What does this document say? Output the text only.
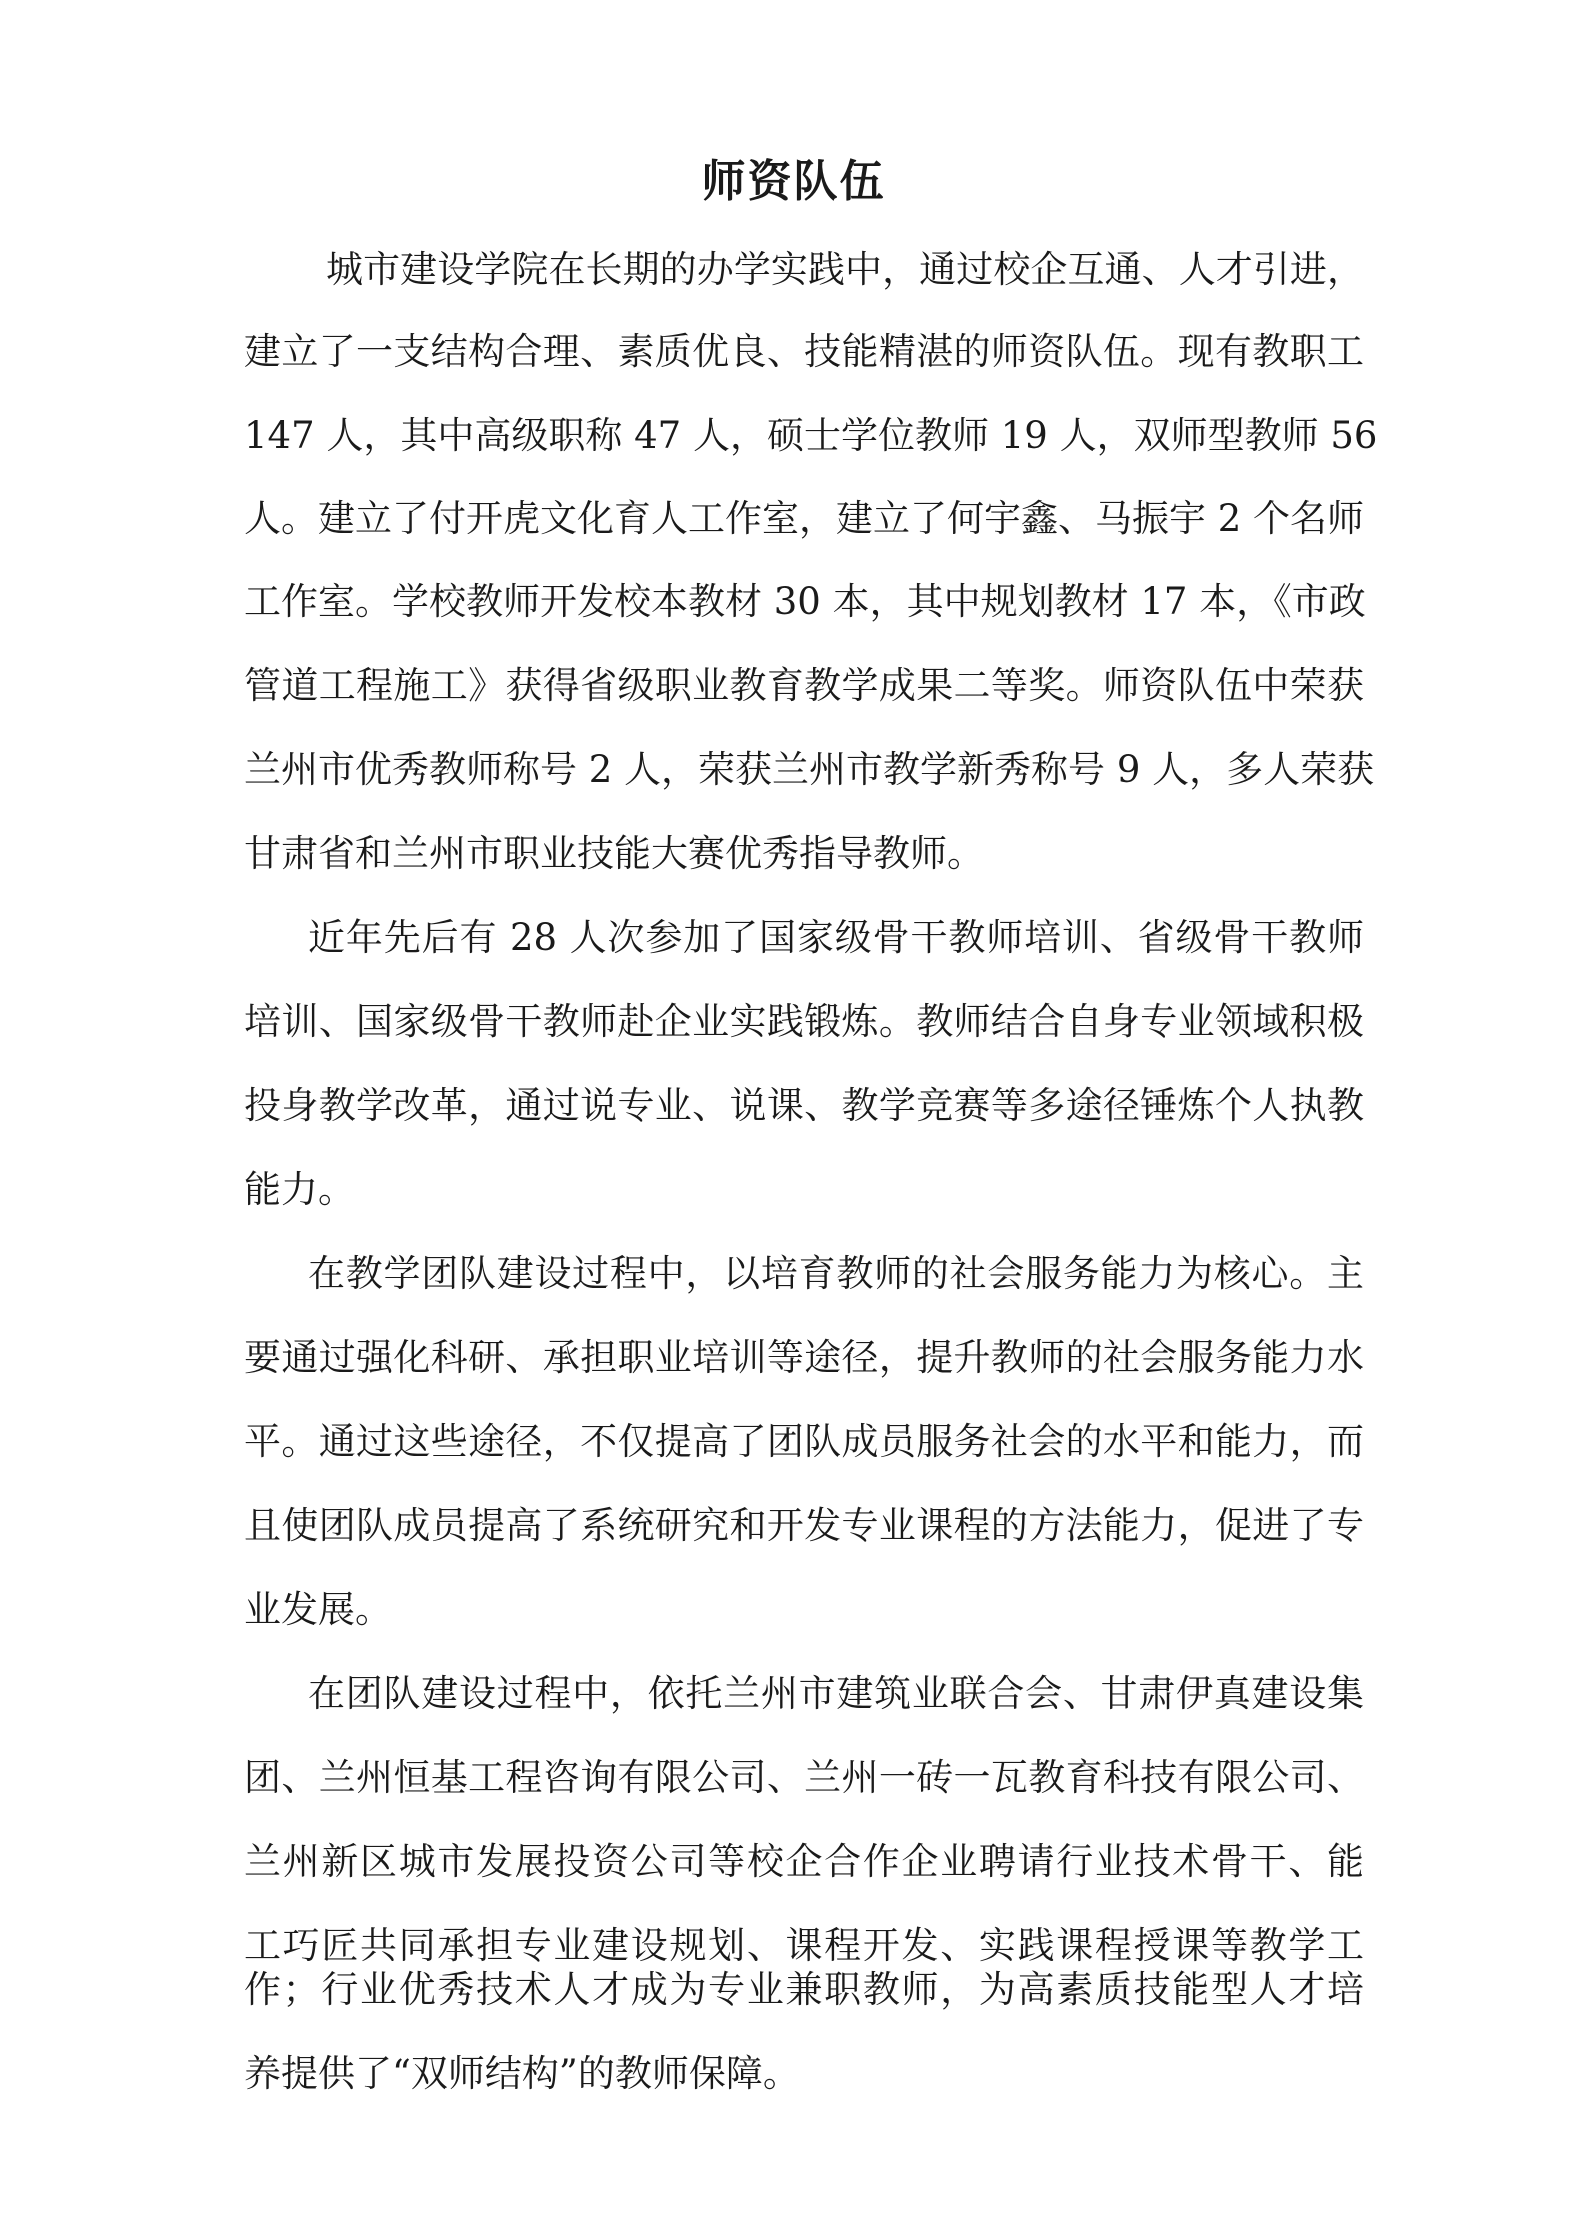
师资队伍

城市建设学院在长期的办学实践中，通过校企互通、人才引进，

建立了一支结构合理、素质优良、技能精湛的师资队伍。现有教职工

147 人，其中高级职称 47 人，硕士学位教师 19 人，双师型教师 56

人。建立了付开虎文化育人工作室，建立了何宇鑫、马振宇 2 个名师

工作室。学校教师开发校本教材 30 本，其中规划教材 17 本，《市政

管道工程施工》获得省级职业教育教学成果二等奖。师资队伍中荣获

兰州市优秀教师称号 2 人，荣获兰州市教学新秀称号 9 人，多人荣获

甘肃省和兰州市职业技能大赛优秀指导教师。

近年先后有 28 人次参加了国家级骨干教师培训、省级骨干教师

培训、国家级骨干教师赴企业实践锻炼。教师结合自身专业领域积极

投身教学改革，通过说专业、说课、教学竞赛等多途径锤炼个人执教

能力。

在教学团队建设过程中，以培育教师的社会服务能力为核心。主

要通过强化科研、承担职业培训等途径，提升教师的社会服务能力水

平。通过这些途径，不仅提高了团队成员服务社会的水平和能力，而

且使团队成员提高了系统研究和开发专业课程的方法能力，促进了专

业发展。

在团队建设过程中，依托兰州市建筑业联合会、甘肃伊真建设集

团、兰州恒基工程咨询有限公司、兰州一砖一瓦教育科技有限公司、

兰州新区城市发展投资公司等校企合作企业聘请行业技术骨干、能

工巧匠共同承担专业建设规划、课程开发、实践课程授课等教学工

作；行业优秀技术人才成为专业兼职教师，为高素质技能型人才培

养提供了“双师结构”的教师保障。
